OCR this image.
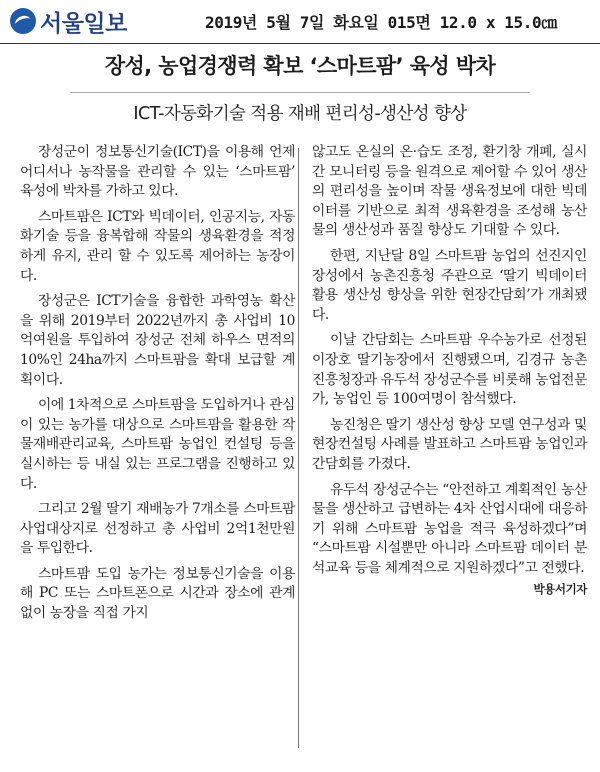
서울일보	2019년 5월 7일 화요일 015면 12.0 x 15.0㎝
장성, 농업경쟁력 확보 ‘스마트팜’ 육성 박차
ICT-자동화기술 적용 재배 편리성-생산성 향상

장성군이 정보통신기술(ICT)을 이용해 언제 어디서나 농작물을 관리할 수 있는 ‘스마트팜’ 육성에 박차를 가하고 있다.

스마트팜은 ICT와 빅데이터, 인공지능, 자동화기술 등을 융복합해 작물의 생육환경을 적정하게 유지, 관리 할 수 있도록 제어하는 농장이다.

장성군은 ICT기술을 융합한 과학영농 확산을 위해 2019부터 2022년까지 총 사업비 10억여원을 투입하여 장성군 전체 하우스 면적의 10%인 24ha까지 스마트팜을 확대 보급할 계획이다.

이에 1차적으로 스마트팜을 도입하거나 관심이 있는 농가를 대상으로 스마트팜을 활용한 작물재배관리교육, 스마트팜 농업인 컨설팅 등을 실시하는 등 내실 있는 프로그램을 진행하고 있다.

그리고 2월 딸기 재배농가 7개소를 스마트팜 사업대상지로 선정하고 총 사업비 2억1천만원을 투입한다.

스마트팜 도입 농가는 정보통신기술을 이용해 PC 또는 스마트폰으로 시간과 장소에 관계없이 농장을 직접 가지

않고도 온실의 온·습도 조정, 환기창 개폐, 실시간 모니터링 등을 원격으로 제어할 수 있어 생산의 편리성을 높이며 작물 생육정보에 대한 빅데이터를 기반으로 최적 생육환경을 조성해 농산물의 생산성과 품질 향상도 기대할 수 있다.

한편, 지난달 8일 스마트팜 농업의 선진지인 장성에서 농촌진흥청 주관으로 ‘딸기 빅데이터 활용 생산성 향상을 위한 현장간담회’가 개최됐다.

이날 간담회는 스마트팜 우수농가로 선정된 이장호 딸기농장에서 진행됐으며, 김경규 농촌진흥청장과 유두석 장성군수를 비롯해 농업전문가, 농업인 등 100여명이 참석했다.

농진청은 딸기 생산성 향상 모델 연구성과 및 현장컨설팅 사례를 발표하고 스마트팜 농업인과 간담회를 가졌다.

유두석 장성군수는 “안전하고 계획적인 농산물을 생산하고 급변하는 4차 산업시대에 대응하기 위해 스마트팜 농업을 적극 육성하겠다”며 “스마트팜 시설뿐만 아니라 스마트팜 데이터 분석교육 등을 체계적으로 지원하겠다”고 전했다.

박용서기자
